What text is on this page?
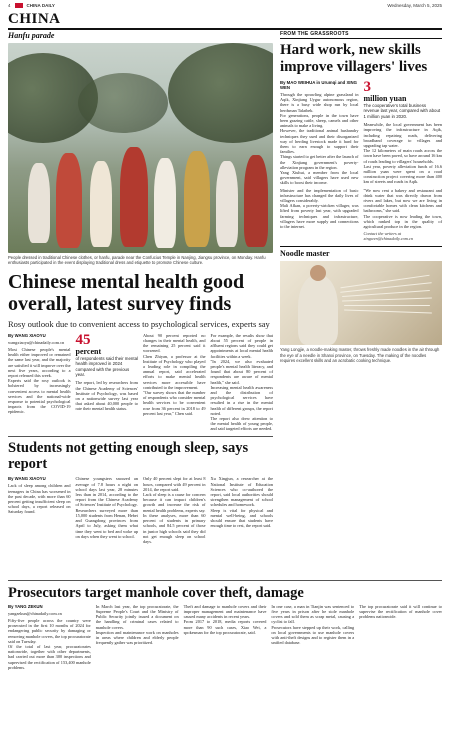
4	CHINA DAILY	Wednesday, March 5, 2025
CHINA
Hanfu parade
People dressed in traditional Chinese clothes, or hanfu, parade near the Confucius Temple in Nanjing, Jiangsu province, on Monday. Hanfu enthusiasts participated in the event displaying traditional dress and etiquette to promote Chinese culture.
Chinese mental health good overall, latest survey finds
Rosy outlook due to convenient access to psychological services, experts say
By WANG XIAOYU
wangxiaoyu@chinadaily.com.cn

Most Chinese people's mental health either improved or remained the same last year, and the majority are satisfied it will improve over the next five years, according to a report released this week.

Experts said the rosy outlook is bolstered by increasingly convenient access to mental health services and the national-wide response to potential psychological impacts from the COVID-19 epidemic.

45
percent
of respondents said their mental health improved in 2024 compared with the previous year.

The report, led by researchers from the Chinese Academy of Sciences' Institute of Psychology, was based on a nationwide survey last year that asked about 40,000 people to rate their mental health status.

About 90 percent reported no changes in their mental health, and the remaining 25 percent said it worsened.

Chen Zhiyan, a professor at the Institute of Psychology who played a leading role in compiling the annual report, said accelerated efforts to make mental health services more accessible have contributed to the improvement.

"Our survey shows that the number of respondents who consider mental health services to be convenient rose from 36 percent in 2018 to 49 percent last year," Chen said.

For example, the results show that about 55 percent of people in affluent regions said they could get appointments at local mental health facilities within a week.

"In 2024, we also evaluated people's mental health literacy, and found that about 80 percent of respondents are aware of mental health," she said.

Increasing mental health awareness and the distribution of psychological services have resulted in a rise in the mental health of different groups, the report noted.

The report also drew attention to the mental health of young people, and said targeted efforts are needed.

Students not getting enough sleep, says report
By WANG XIAOYU

Lack of sleep among children and teenagers in China has worsened in the past decade, with more than 60 percent getting insufficient sleep on school days, a report released on Saturday found.

Chinese youngsters snoozed an average of 7.8 hours a night on school days last year, 28 minutes less than in 2014, according to the report from the Chinese Academy of Sciences' Institute of Psychology.

Researchers surveyed more than 15,000 students from Henan, Hebei and Guangdong provinces from April to July, asking them what time they went to bed and woke up on days when they went to school.

Only 40 percent slept for at least 8 hours, compared with 49 percent in 2014, the report said.

Lack of sleep is a cause for concern because it can impact children's growth and increase the risk of mental health problems, experts say.

In these analyses, more than 60 percent of students in primary schools, and 84.5 percent of those in junior high schools said they did not get enough sleep on school days.

Xu Xingjun, a researcher at the National Institute of Education Sciences who co-authored the report, said local authorities should strengthen management of school schedules and homework.

Sleep is vital for physical and mental well-being, and schools should ensure that students have enough time to rest, the report said.

Prosecutors target manhole cover theft, damage
By YANG ZEKUN
yangzekun@chinadaily.com.cn

Fifty-five people across the country were prosecuted in the first 10 months of 2024 for endangering public security by damaging or removing manhole covers, the top procuratorate said on Tuesday.

Of the total of last year, procuratorates nationwide, together with other departments, had carried out more than 300 inspections and supervised the rectification of 153,400 manhole problems.

In March last year, the top procuratorate, the Supreme People's Court and the Ministry of Public Security jointly issued a document on the handling of criminal cases related to manhole covers.

Inspection and maintenance work on manholes in areas where children and elderly people frequently gather was prioritized.

Theft and damage to manhole covers and their improper management and maintenance have caused many accidents in recent years.

From 2017 to 2018, media reports covered more than 90 such cases, Xiao Wei, a spokesman for the top procuratorate, said.

In one case, a man in Tianjin was sentenced to five years in prison after he stole manhole covers and sold them as scrap metal, causing a cyclist to fall.

Prosecutors have stepped up their work, calling on local governments to use manhole covers with anti-theft designs and to register them in a unified database.

The top procuratorate said it will continue to supervise the rectification of manhole cover problems nationwide.

FROM THE GRASSROOTS
Hard work, new skills improve villagers' lives
By MAO WEIHUA in Urumqi and XING WEN

Through the sprawling alpine grassland in Aqik, Xinjiang Uygur autonomous region, there is a busy wide shop run by local herdsman Talatbek.

For generations, people in the town have been grazing cattle, sheep, camels and other animals to make a living.

However, the traditional animal husbandry techniques they used and their disorganized way of herding livestock made it hard for them to earn enough to support their families.

Things started to get better after the launch of the Xinjiang government's poverty-alleviation program in the region.

Yang Xiuhui, a member from the local government, said villagers have used new skills to boost their income.

3
million yuan
The cooperative's total business revenue last year, compared with about 1 million yuan in 2020.

Meanwhile, the local government has been improving the infrastructure in Aqik, including repairing roads, delivering broadband coverage to villages and upgrading tap water.

The 12 kilometers of main roads across the town have been paved, so have around 16 km of roads leading to villagers' households.

Last year, poverty alleviation funds of 16.6 million yuan were spent on a road construction project covering more than 400 km of streets and roads in Aqik.

Minister and the implementation of basic infrastructure has changed the daily lives of villagers considerably.

Mali Afkan, a poverty-stricken villager, was lifted from poverty last year, with upgraded farming techniques and infrastructure, villagers have more supply and connections to the internet.

"We now rent a bakery and restaurant and drink water that was directly drawn from rivers and lakes, but now we are living in comfortable homes with clean kitchens and bathrooms," she said.

The cooperative is now leading the town, which ranked top in the quality of agricultural produce in the region.

Contact the writers at xingwen@chinadaily.com.cn
Noodle master
Yang Longjie, a noodle-making master, throws freshly made noodles in the air through the eye of a needle in Shanxi province, on Tuesday. The making of the noodles requires excellent skills and an acrobatic cooking technique.
